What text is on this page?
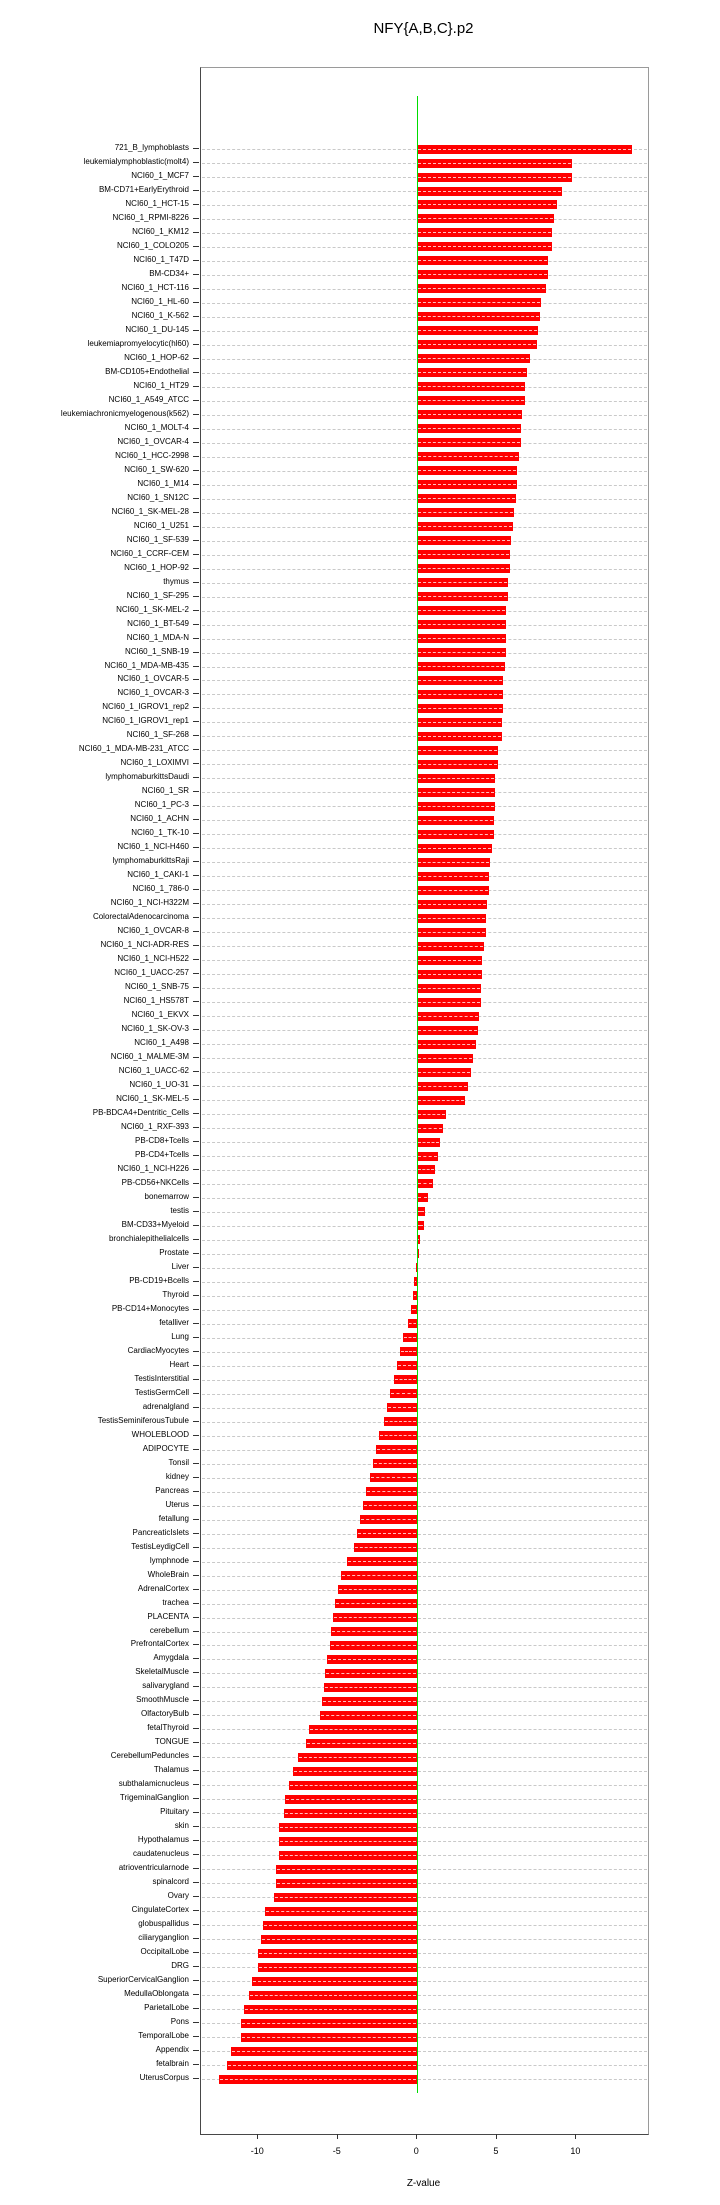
NFY{A,B,C}.p2
Z-value
721_B_lymphoblasts
leukemialymphoblastic(molt4)
NCI60_1_MCF7
BM-CD71+EarlyErythroid
NCI60_1_HCT-15
NCI60_1_RPMI-8226
NCI60_1_KM12
NCI60_1_COLO205
NCI60_1_T47D
BM-CD34+
NCI60_1_HCT-116
NCI60_1_HL-60
NCI60_1_K-562
NCI60_1_DU-145
leukemiapromyelocytic(hl60)
NCI60_1_HOP-62
BM-CD105+Endothelial
NCI60_1_HT29
NCI60_1_A549_ATCC
leukemiachronicmyelogenous(k562)
NCI60_1_MOLT-4
NCI60_1_OVCAR-4
NCI60_1_HCC-2998
NCI60_1_SW-620
NCI60_1_M14
NCI60_1_SN12C
NCI60_1_SK-MEL-28
NCI60_1_U251
NCI60_1_SF-539
NCI60_1_CCRF-CEM
NCI60_1_HOP-92
thymus
NCI60_1_SF-295
NCI60_1_SK-MEL-2
NCI60_1_BT-549
NCI60_1_MDA-N
NCI60_1_SNB-19
NCI60_1_MDA-MB-435
NCI60_1_OVCAR-5
NCI60_1_OVCAR-3
NCI60_1_IGROV1_rep2
NCI60_1_IGROV1_rep1
NCI60_1_SF-268
NCI60_1_MDA-MB-231_ATCC
NCI60_1_LOXIMVI
lymphomaburkittsDaudi
NCI60_1_SR
NCI60_1_PC-3
NCI60_1_ACHN
NCI60_1_TK-10
NCI60_1_NCI-H460
lymphomaburkittsRaji
NCI60_1_CAKI-1
NCI60_1_786-0
NCI60_1_NCI-H322M
ColorectalAdenocarcinoma
NCI60_1_OVCAR-8
NCI60_1_NCI-ADR-RES
NCI60_1_NCI-H522
NCI60_1_UACC-257
NCI60_1_SNB-75
NCI60_1_HS578T
NCI60_1_EKVX
NCI60_1_SK-OV-3
NCI60_1_A498
NCI60_1_MALME-3M
NCI60_1_UACC-62
NCI60_1_UO-31
NCI60_1_SK-MEL-5
PB-BDCA4+Dentritic_Cells
NCI60_1_RXF-393
PB-CD8+Tcells
PB-CD4+Tcells
NCI60_1_NCI-H226
PB-CD56+NKCells
bonemarrow
testis
BM-CD33+Myeloid
bronchialepithelialcells
Prostate
Liver
PB-CD19+Bcells
Thyroid
PB-CD14+Monocytes
fetalliver
Lung
CardiacMyocytes
Heart
TestisInterstitial
TestisGermCell
adrenalgland
TestisSeminiferousTubule
WHOLEBLOOD
ADIPOCYTE
Tonsil
kidney
Pancreas
Uterus
fetallung
PancreaticIslets
TestisLeydigCell
lymphnode
WholeBrain
AdrenalCortex
trachea
PLACENTA
cerebellum
PrefrontalCortex
Amygdala
SkeletalMuscle
salivarygland
SmoothMuscle
OlfactoryBulb
fetalThyroid
TONGUE
CerebellumPeduncles
Thalamus
subthalamicnucleus
TrigeminalGanglion
Pituitary
skin
Hypothalamus
caudatenucleus
atrioventricularnode
spinalcord
Ovary
CingulateCortex
globuspallidus
ciliaryganglion
OccipitalLobe
DRG
SuperiorCervicalGanglion
MedullaOblongata
ParietalLobe
Pons
TemporalLobe
Appendix
fetalbrain
UterusCorpus
-10	-5	0	5	10
